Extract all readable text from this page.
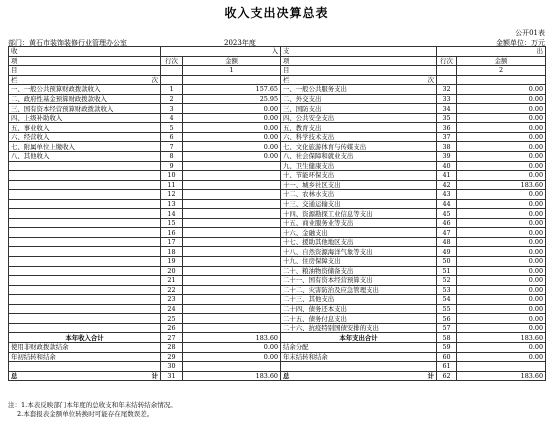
收入支出决算总表
公开01表
部门：黄石市装饰装修行业管理办公室	2023年度	金额单位：万元
收	入		支	出	
项	行次	金额	项	行次	金额
目		1	目		2
栏 次			栏 次		

一、一般公共预算财政拨款收入	1	157.65	一、一般公共服务支出	32	0.00
二、政府性基金预算财政拨款收入	2	25.95	二、外交支出	33	0.00
三、国有资本经营预算财政拨款收入	3	0.00	三、国防支出	34	0.00
四、上级补助收入	4	0.00	四、公共安全支出	35	0.00
五、事业收入	5	0.00	五、教育支出	36	0.00
六、经营收入	6	0.00	六、科学技术支出	37	0.00
七、附属单位上缴收入	7	0.00	七、文化旅游体育与传媒支出	38	0.00
八、其他收入	8	0.00	八、社会保障和就业支出	39	0.00
	9		九、卫生健康支出	40	0.00
	10		十、节能环保支出	41	0.00
	11		十一、城乡社区支出	42	183.60
	12		十二、农林水支出	43	0.00
	13		十三、交通运输支出	44	0.00
	14		十四、资源勘探工业信息等支出	45	0.00
	15		十五、商业服务业等支出	46	0.00
	16		十六、金融支出	47	0.00
	17		十七、援助其他地区支出	48	0.00
	18		十八、自然资源海洋气象等支出	49	0.00
	19		十九、住房保障支出	50	0.00
	20		二十、粮油物资储备支出	51	0.00
	21		二十一、国有资本经营预算支出	52	0.00
	22		二十二、灾害防治及应急管理支出	53	0.00
	23		二十三、其他支出	54	0.00
	24		二十四、债务还本支出	55	0.00
	25		二十五、债务付息支出	56	0.00
	26		二十六、抗疫特别国债安排的支出	57	0.00
本年收入合计	27	183.60	本年支出合计	58	183.60
使用非财政拨款结余	28	0.00	结余分配	59	0.00
年初结转和结余	29	0.00	年末结转和结余	60	0.00
	30			61	
总 计	31	183.60	总 计	62	183.60
注：1.本表反映部门本年度的总收支和年末结转结余情况。
2.本套报表金额单位转换时可能存在尾数误差。
